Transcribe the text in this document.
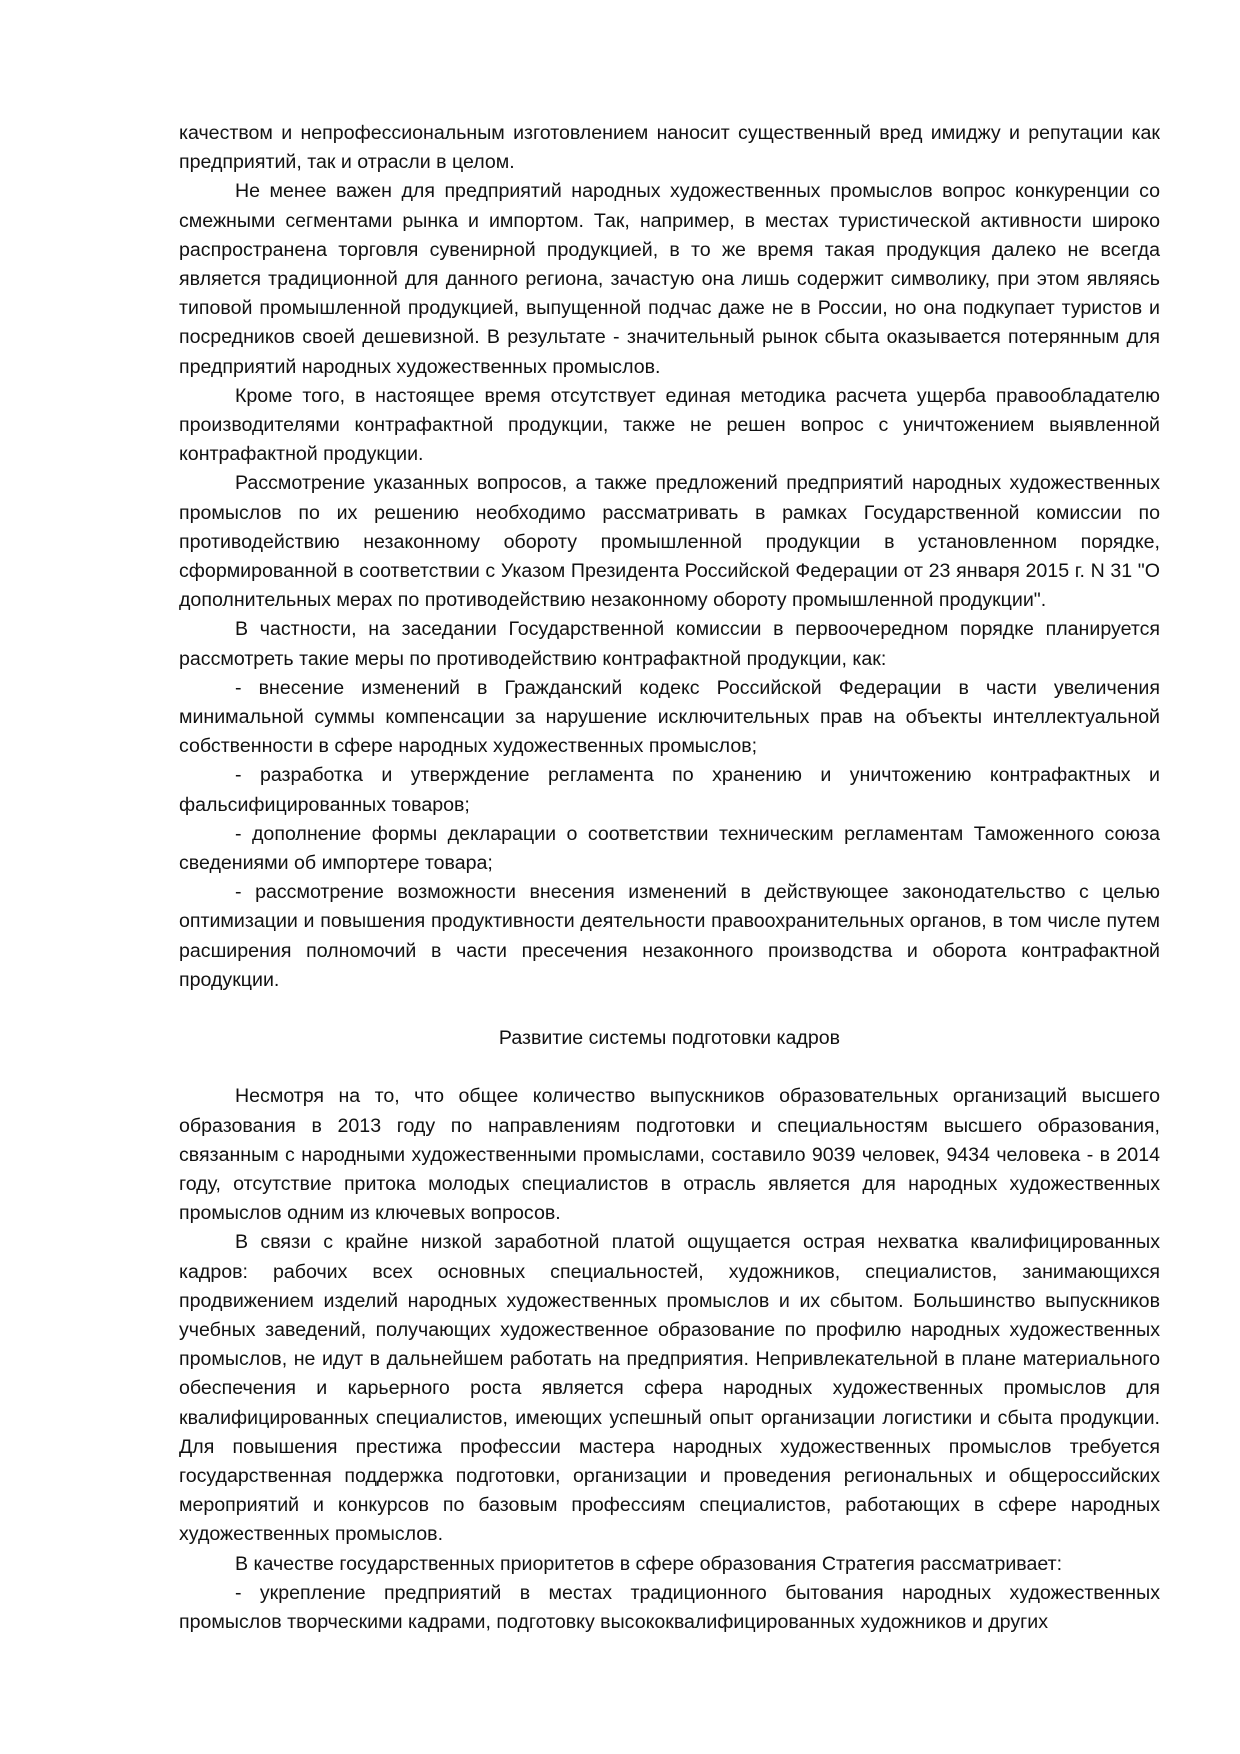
качеством и непрофессиональным изготовлением наносит существенный вред имиджу и репутации как предприятий, так и отрасли в целом.

Не менее важен для предприятий народных художественных промыслов вопрос конкуренции со смежными сегментами рынка и импортом. Так, например, в местах туристической активности широко распространена торговля сувенирной продукцией, в то же время такая продукция далеко не всегда является традиционной для данного региона, зачастую она лишь содержит символику, при этом являясь типовой промышленной продукцией, выпущенной подчас даже не в России, но она подкупает туристов и посредников своей дешевизной. В результате - значительный рынок сбыта оказывается потерянным для предприятий народных художественных промыслов.

Кроме того, в настоящее время отсутствует единая методика расчета ущерба правообладателю производителями контрафактной продукции, также не решен вопрос с уничтожением выявленной контрафактной продукции.

Рассмотрение указанных вопросов, а также предложений предприятий народных художественных промыслов по их решению необходимо рассматривать в рамках Государственной комиссии по противодействию незаконному обороту промышленной продукции в установленном порядке, сформированной в соответствии с Указом Президента Российской Федерации от 23 января 2015 г. N 31 "О дополнительных мерах по противодействию незаконному обороту промышленной продукции".

В частности, на заседании Государственной комиссии в первоочередном порядке планируется рассмотреть такие меры по противодействию контрафактной продукции, как:

- внесение изменений в Гражданский кодекс Российской Федерации в части увеличения минимальной суммы компенсации за нарушение исключительных прав на объекты интеллектуальной собственности в сфере народных художественных промыслов;

- разработка и утверждение регламента по хранению и уничтожению контрафактных и фальсифицированных товаров;

- дополнение формы декларации о соответствии техническим регламентам Таможенного союза сведениями об импортере товара;

- рассмотрение возможности внесения изменений в действующее законодательство с целью оптимизации и повышения продуктивности деятельности правоохранительных органов, в том числе путем расширения полномочий в части пресечения незаконного производства и оборота контрафактной продукции.

Развитие системы подготовки кадров

Несмотря на то, что общее количество выпускников образовательных организаций высшего образования в 2013 году по направлениям подготовки и специальностям высшего образования, связанным с народными художественными промыслами, составило 9039 человек, 9434 человека - в 2014 году, отсутствие притока молодых специалистов в отрасль является для народных художественных промыслов одним из ключевых вопросов.

В связи с крайне низкой заработной платой ощущается острая нехватка квалифицированных кадров: рабочих всех основных специальностей, художников, специалистов, занимающихся продвижением изделий народных художественных промыслов и их сбытом. Большинство выпускников учебных заведений, получающих художественное образование по профилю народных художественных промыслов, не идут в дальнейшем работать на предприятия. Непривлекательной в плане материального обеспечения и карьерного роста является сфера народных художественных промыслов для квалифицированных специалистов, имеющих успешный опыт организации логистики и сбыта продукции. Для повышения престижа профессии мастера народных художественных промыслов требуется государственная поддержка подготовки, организации и проведения региональных и общероссийских мероприятий и конкурсов по базовым профессиям специалистов, работающих в сфере народных художественных промыслов.

В качестве государственных приоритетов в сфере образования Стратегия рассматривает:

- укрепление предприятий в местах традиционного бытования народных художественных промыслов творческими кадрами, подготовку высококвалифицированных художников и других
